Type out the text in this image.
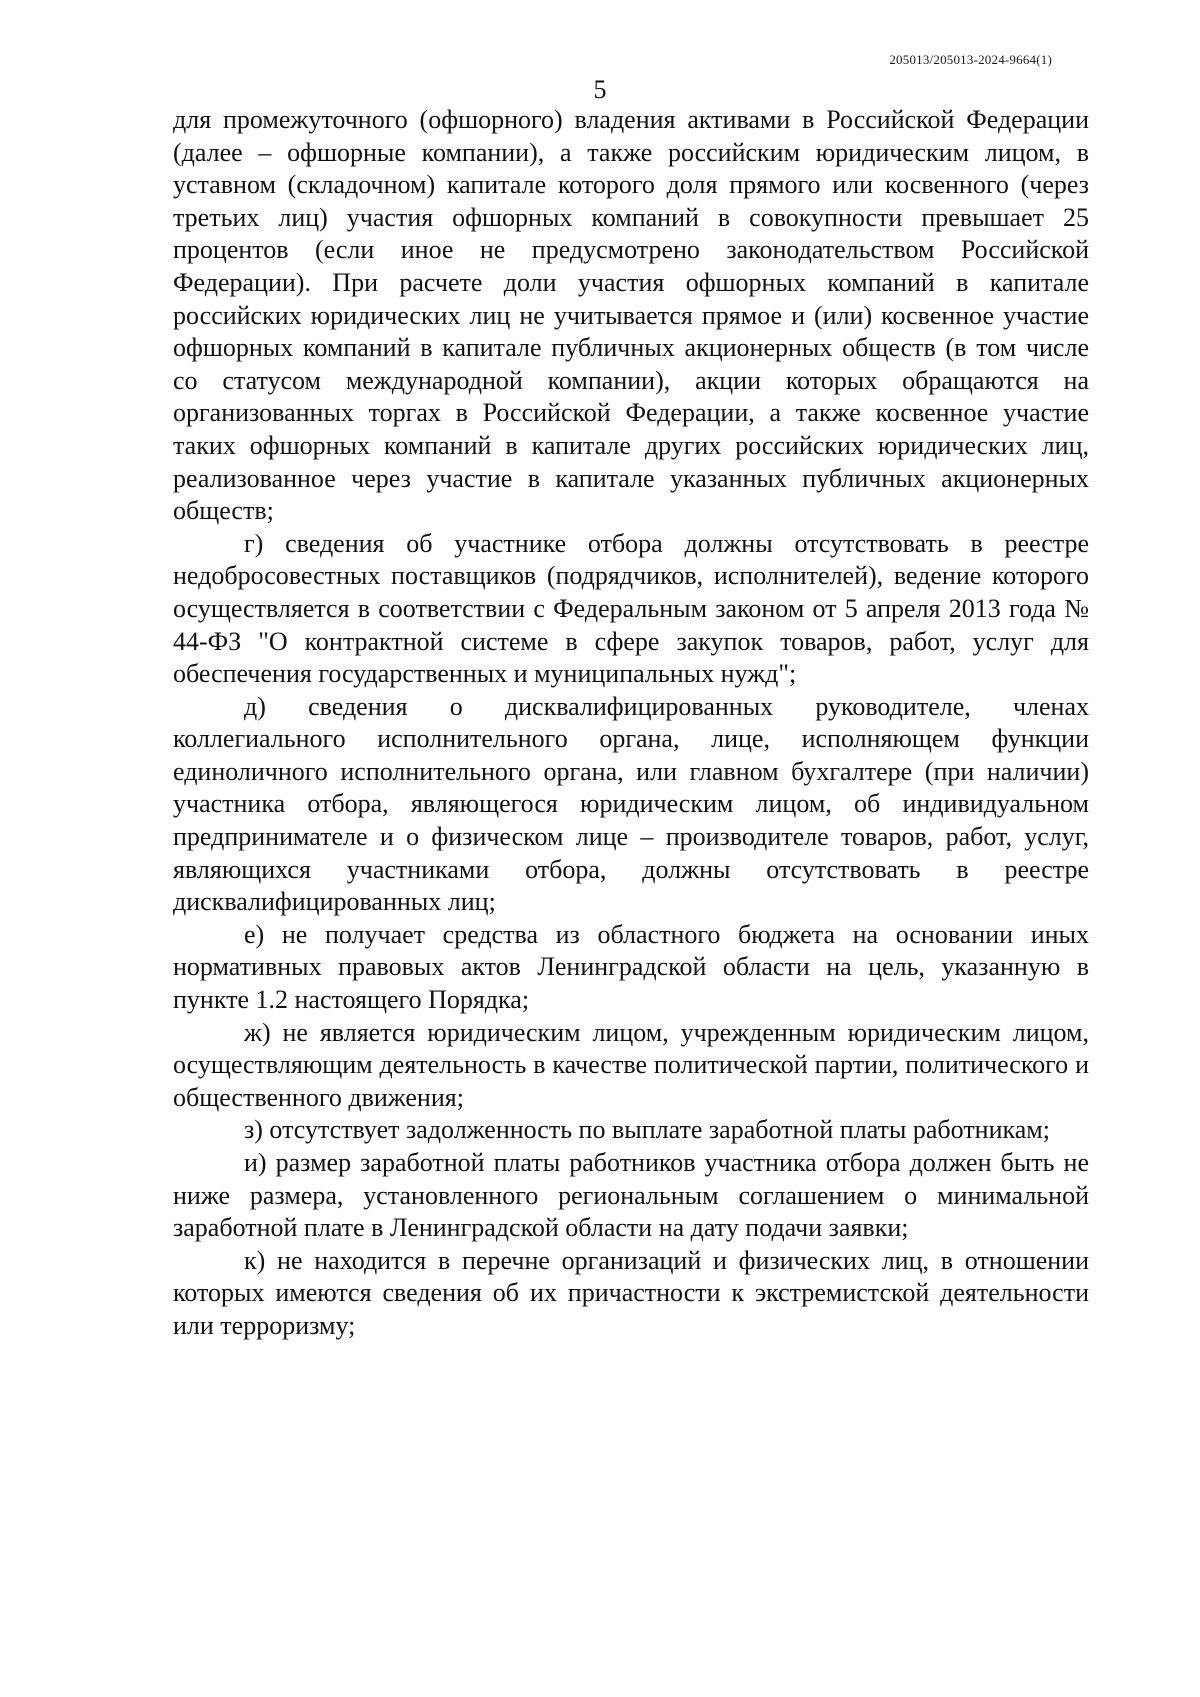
205013/205013-2024-9664(1)
5

для промежуточного (офшорного) владения активами в Российской Федерации (далее – офшорные компании), а также российским юридическим лицом, в уставном (складочном) капитале которого доля прямого или косвенного (через третьих лиц) участия офшорных компаний в совокупности превышает 25 процентов (если иное не предусмотрено законодательством Российской Федерации). При расчете доли участия офшорных компаний в капитале российских юридических лиц не учитывается прямое и (или) косвенное участие офшорных компаний в капитале публичных акционерных обществ (в том числе со статусом международной компании), акции которых обращаются на организованных торгах в Российской Федерации, а также косвенное участие таких офшорных компаний в капитале других российских юридических лиц, реализованное через участие в капитале указанных публичных акционерных обществ;

г) сведения об участнике отбора должны отсутствовать в реестре недобросовестных поставщиков (подрядчиков, исполнителей), ведение которого осуществляется в соответствии с Федеральным законом от 5 апреля 2013 года № 44-ФЗ "О контрактной системе в сфере закупок товаров, работ, услуг для обеспечения государственных и муниципальных нужд";

д) сведения о дисквалифицированных руководителе, членах коллегиального исполнительного органа, лице, исполняющем функции единоличного исполнительного органа, или главном бухгалтере (при наличии) участника отбора, являющегося юридическим лицом, об индивидуальном предпринимателе и о физическом лице – производителе товаров, работ, услуг, являющихся участниками отбора, должны отсутствовать в реестре дисквалифицированных лиц;

е) не получает средства из областного бюджета на основании иных нормативных правовых актов Ленинградской области на цель, указанную в пункте 1.2 настоящего Порядка;

ж) не является юридическим лицом, учрежденным юридическим лицом, осуществляющим деятельность в качестве политической партии, политического и общественного движения;

з) отсутствует задолженность по выплате заработной платы работникам;

и) размер заработной платы работников участника отбора должен быть не ниже размера, установленного региональным соглашением о минимальной заработной плате в Ленинградской области на дату подачи заявки;

к) не находится в перечне организаций и физических лиц, в отношении которых имеются сведения об их причастности к экстремистской деятельности или терроризму;
